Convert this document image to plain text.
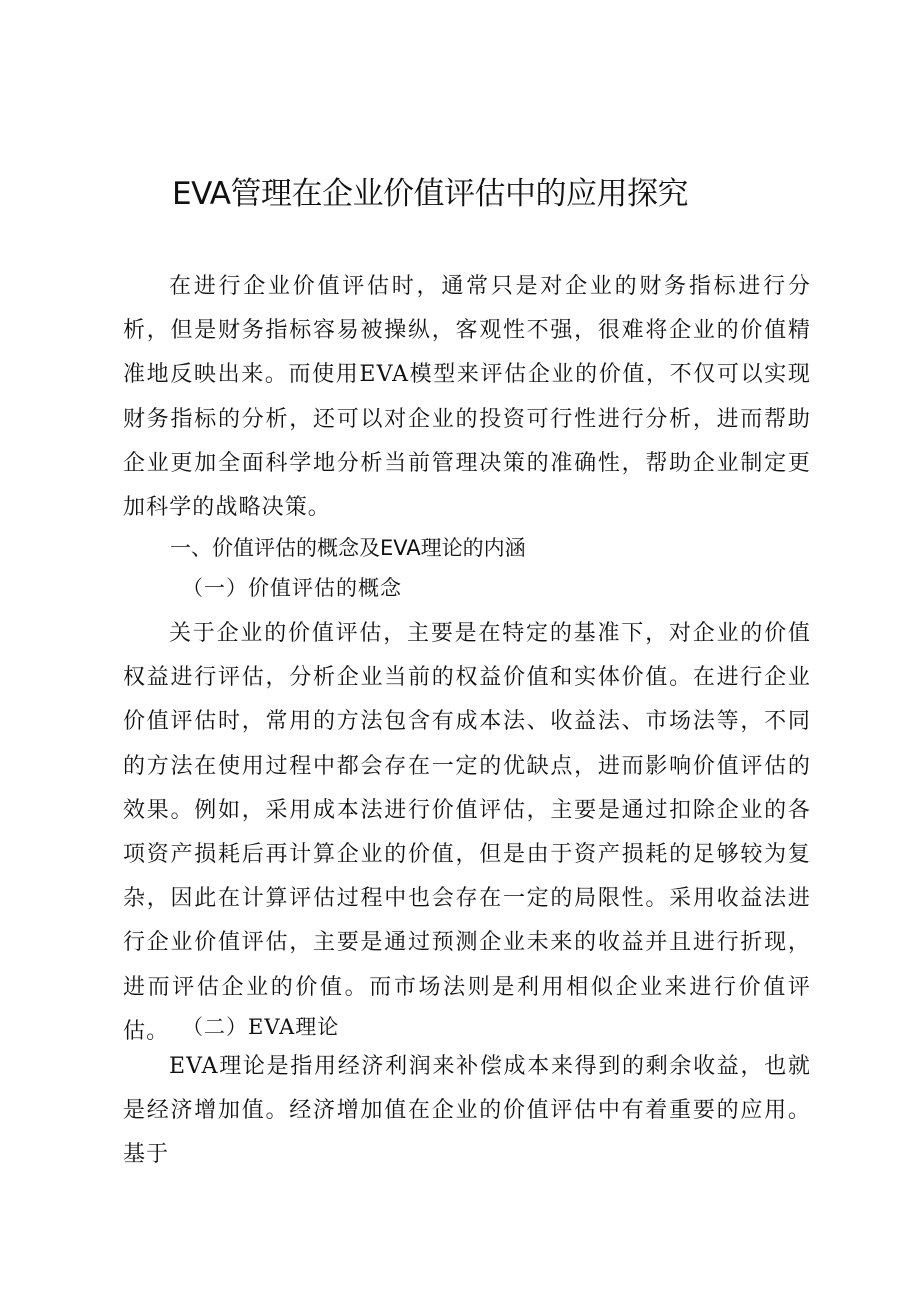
EVA管理在企业价值评估中的应用探究

在进行企业价值评估时，通常只是对企业的财务指标进行分析，但是财务指标容易被操纵，客观性不强，很难将企业的价值精准地反映出来。而使用EVA模型来评估企业的价值，不仅可以实现财务指标的分析，还可以对企业的投资可行性进行分析，进而帮助企业更加全面科学地分析当前管理决策的准确性，帮助企业制定更加科学的战略决策。

一、价值评估的概念及EVA理论的内涵
（一）价值评估的概念

关于企业的价值评估，主要是在特定的基准下，对企业的价值权益进行评估，分析企业当前的权益价值和实体价值。在进行企业价值评估时，常用的方法包含有成本法、收益法、市场法等，不同的方法在使用过程中都会存在一定的优缺点，进而影响价值评估的效果。例如，采用成本法进行价值评估，主要是通过扣除企业的各项资产损耗后再计算企业的价值，但是由于资产损耗的足够较为复杂，因此在计算评估过程中也会存在一定的局限性。采用收益法进行企业价值评估，主要是通过预测企业未来的收益并且进行折现，进而评估企业的价值。而市场法则是利用相似企业来进行价值评估。 （二）EVA理论

EVA理论是指用经济利润来补偿成本来得到的剩余收益，也就是经济增加值。经济增加值在企业的价值评估中有着重要的应用。基于
